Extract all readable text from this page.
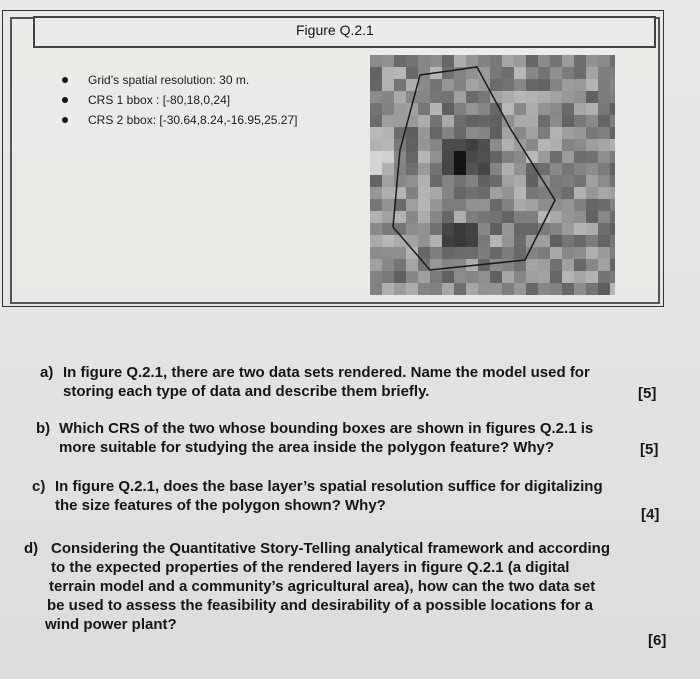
Figure Q.2.1
Grid’s spatial resolution: 30 m.
CRS 1 bbox : [-80,18,0,24]
CRS 2 bbox: [-30.64,8.24,-16.95,25.27]
a) In figure Q.2.1, there are two data sets rendered. Name the model used for
storing each type of data and describe them briefly.	[5]
b) Which CRS of the two whose bounding boxes are shown in figures Q.2.1 is
more suitable for studying the area inside the polygon feature? Why?	[5]
c) In figure Q.2.1, does the base layer’s spatial resolution suffice for digitalizing
the size features of the polygon shown? Why?
[4]
d) Considering the Quantitative Story-Telling analytical framework and according
to the expected properties of the rendered layers in figure Q.2.1 (a digital
terrain model and a community’s agricultural area), how can the two data set
be used to assess the feasibility and desirability of a possible locations for a
wind power plant?
[6]
